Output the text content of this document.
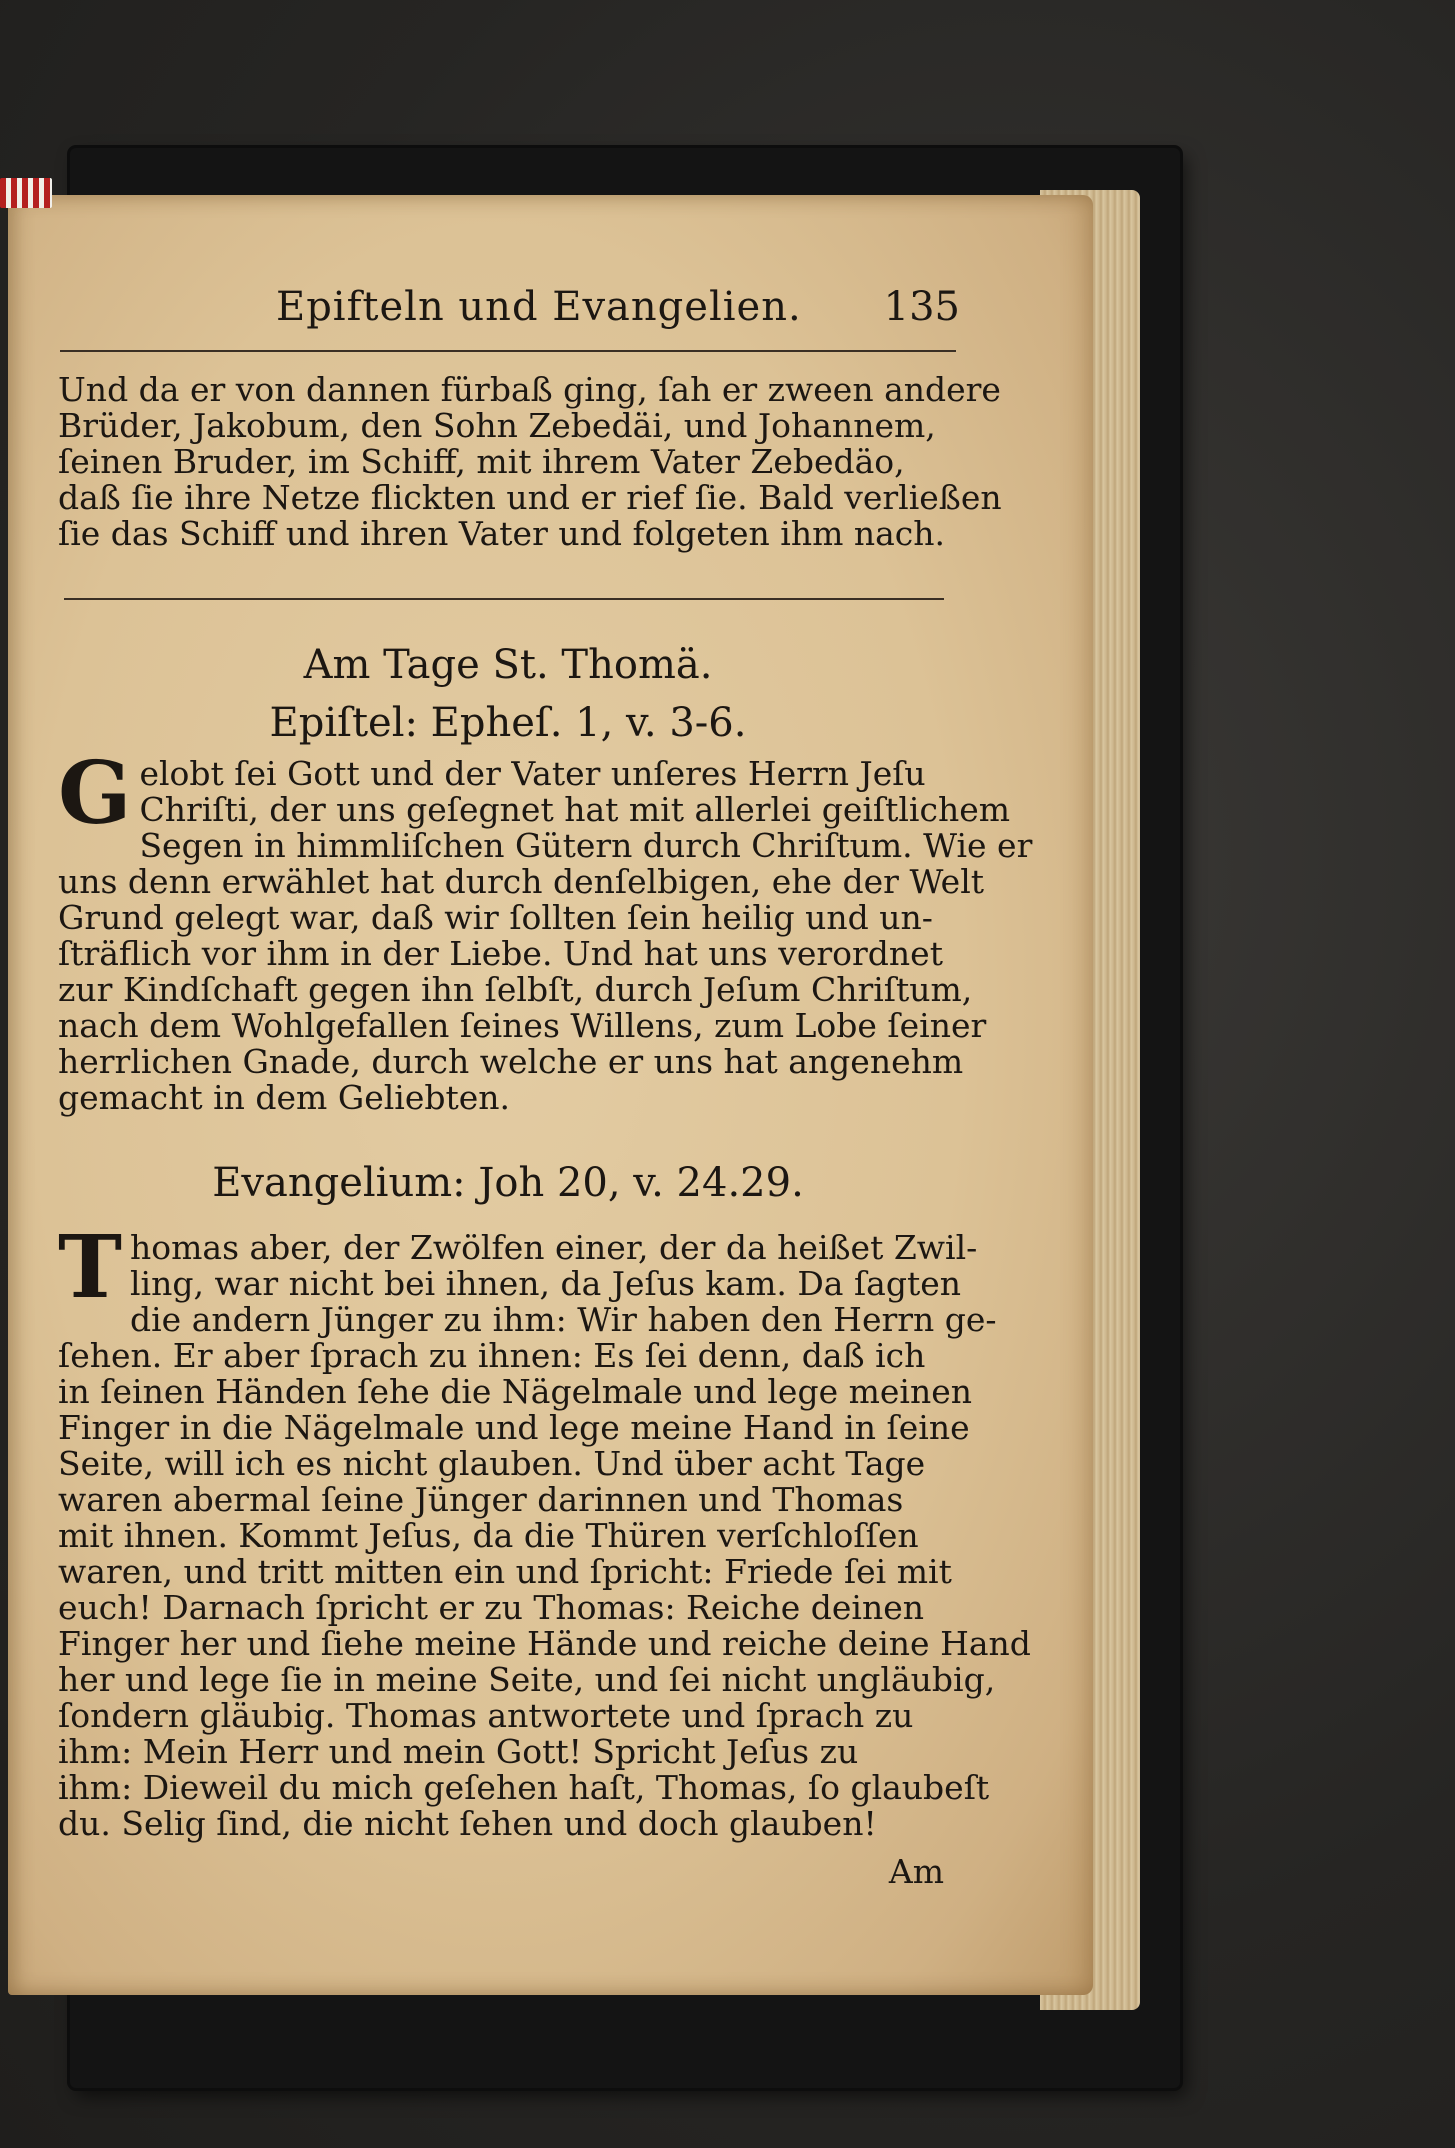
Epifteln und Evangelien. 135
Und da er von dannen fürbaß ging, ſah er zween andere
Brüder, Jakobum, den Sohn Zebedäi, und Johannem,
ſeinen Bruder, im Schiff, mit ihrem Vater Zebedäo,
daß ſie ihre Netze flickten und er rief ſie. Bald verließen
ſie das Schiff und ihren Vater und folgeten ihm nach.
Am Tage St. Thomä.
Epiſtel: Epheſ. 1, v. 3-6.
G elobt ſei Gott und der Vater unſeres Herrn Jeſu
Chriſti, der uns geſegnet hat mit allerlei geiſtlichem
Segen in himmliſchen Gütern durch Chriſtum. Wie er
uns denn erwählet hat durch denſelbigen, ehe der Welt
Grund gelegt war, daß wir ſollten ſein heilig und un-
ſträflich vor ihm in der Liebe. Und hat uns verordnet
zur Kindſchaft gegen ihn ſelbſt, durch Jeſum Chriſtum,
nach dem Wohlgefallen ſeines Willens, zum Lobe ſeiner
herrlichen Gnade, durch welche er uns hat angenehm
gemacht in dem Geliebten.
Evangelium: Joh 20, v. 24.29.
T homas aber, der Zwölfen einer, der da heißet Zwil-
ling, war nicht bei ihnen, da Jeſus kam. Da ſagten
die andern Jünger zu ihm: Wir haben den Herrn ge-
ſehen. Er aber ſprach zu ihnen: Es ſei denn, daß ich
in ſeinen Händen ſehe die Nägelmale und lege meinen
Finger in die Nägelmale und lege meine Hand in ſeine
Seite, will ich es nicht glauben. Und über acht Tage
waren abermal ſeine Jünger darinnen und Thomas
mit ihnen. Kommt Jeſus, da die Thüren verſchloſſen
waren, und tritt mitten ein und ſpricht: Friede ſei mit
euch! Darnach ſpricht er zu Thomas: Reiche deinen
Finger her und ſiehe meine Hände und reiche deine Hand
her und lege ſie in meine Seite, und ſei nicht ungläubig,
ſondern gläubig. Thomas antwortete und ſprach zu
ihm: Mein Herr und mein Gott! Spricht Jeſus zu
ihm: Dieweil du mich geſehen haſt, Thomas, ſo glaubeſt
du. Selig ſind, die nicht ſehen und doch glauben!
Am
